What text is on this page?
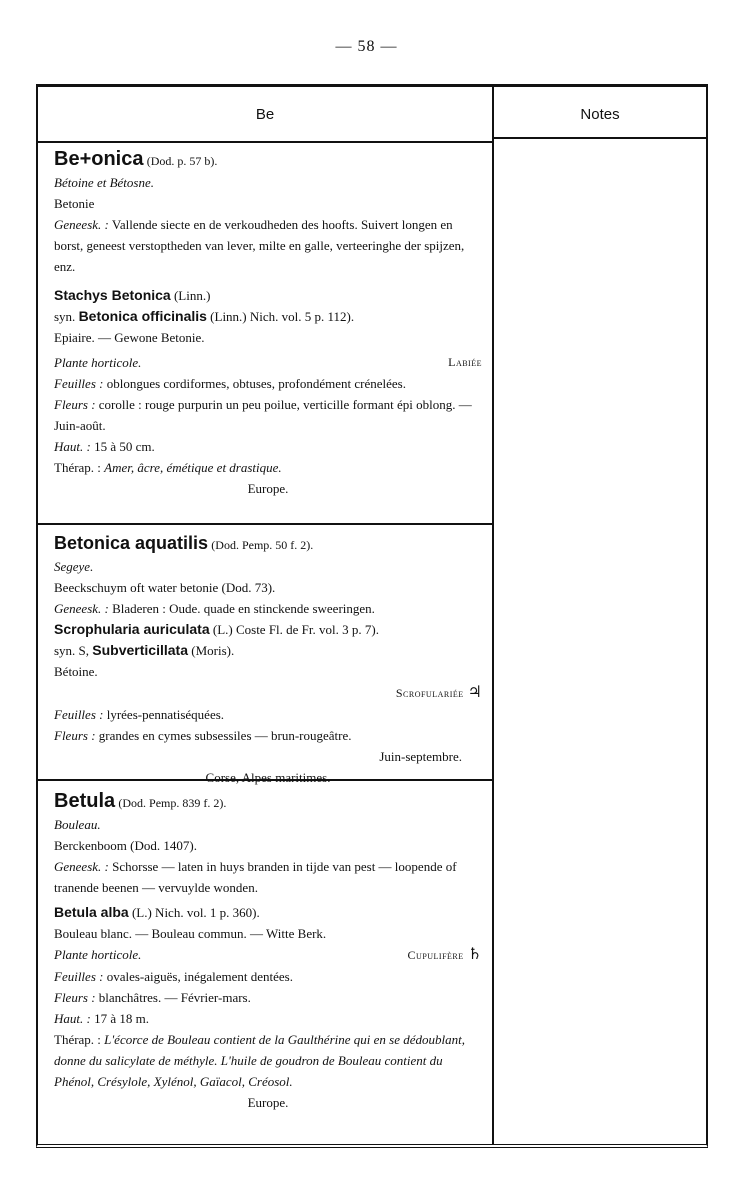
— 58 —
Be	Notes

Be+onica (Dod. p. 57 b).

Bétoine et Bétosne.

Betonie

Geneesk. : Vallende siecte en de verkoudheden des hoofts. Suivert longen en borst, geneest verstoptheden van lever, milte en galle, verteeringhe der spijzen, enz.

Stachys Betonica (Linn.)

syn. Betonica officinalis (Linn.) Nich. vol. 5 p. 112).

Epiaire. — Gewone Betonie.

Plante horticole.	Labiée

Feuilles : oblongues cordiformes, obtuses, profondément crénelées.

Fleurs : corolle : rouge purpurin un peu poilue, verticille formant épi oblong. — Juin-août.

Haut. : 15 à 50 cm.

Thérap. : Amer, âcre, émétique et drastique.

Europe.

Betonica aquatilis (Dod. Pemp. 50 f. 2).

Segeye.

Beeckschuym oft water betonie (Dod. 73).

Geneesk. : Bladeren : Oude. quade en stinckende sweeringen.

Scrophularia auriculata (L.) Coste Fl. de Fr. vol. 3 p. 7).

syn. S, Subverticillata (Moris).

Bétoine.

Scrofulariée ♃

Feuilles : lyrées-pennatiséquées.

Fleurs : grandes en cymes subsessiles — brun-rougeâtre.

Juin-septembre.

Corse, Alpes maritimes.

Betula (Dod. Pemp. 839 f. 2).

Bouleau.

Berckenboom (Dod. 1407).

Geneesk. : Schorsse — laten in huys branden in tijde van pest — loopende of tranende beenen — vervuylde wonden.

Betula alba (L.) Nich. vol. 1 p. 360).

Bouleau blanc. — Bouleau commun. — Witte Berk.

Plante horticole.	Cupulifère ♄

Feuilles : ovales-aiguës, inégalement dentées.

Fleurs : blanchâtres. — Février-mars.

Haut. : 17 à 18 m.

Thérap. : L'écorce de Bouleau contient de la Gaulthérine qui en se dédoublant, donne du salicylate de méthyle. L'huile de goudron de Bouleau contient du Phénol, Crésylole, Xylénol, Gaïacol, Créosol.

Europe.
